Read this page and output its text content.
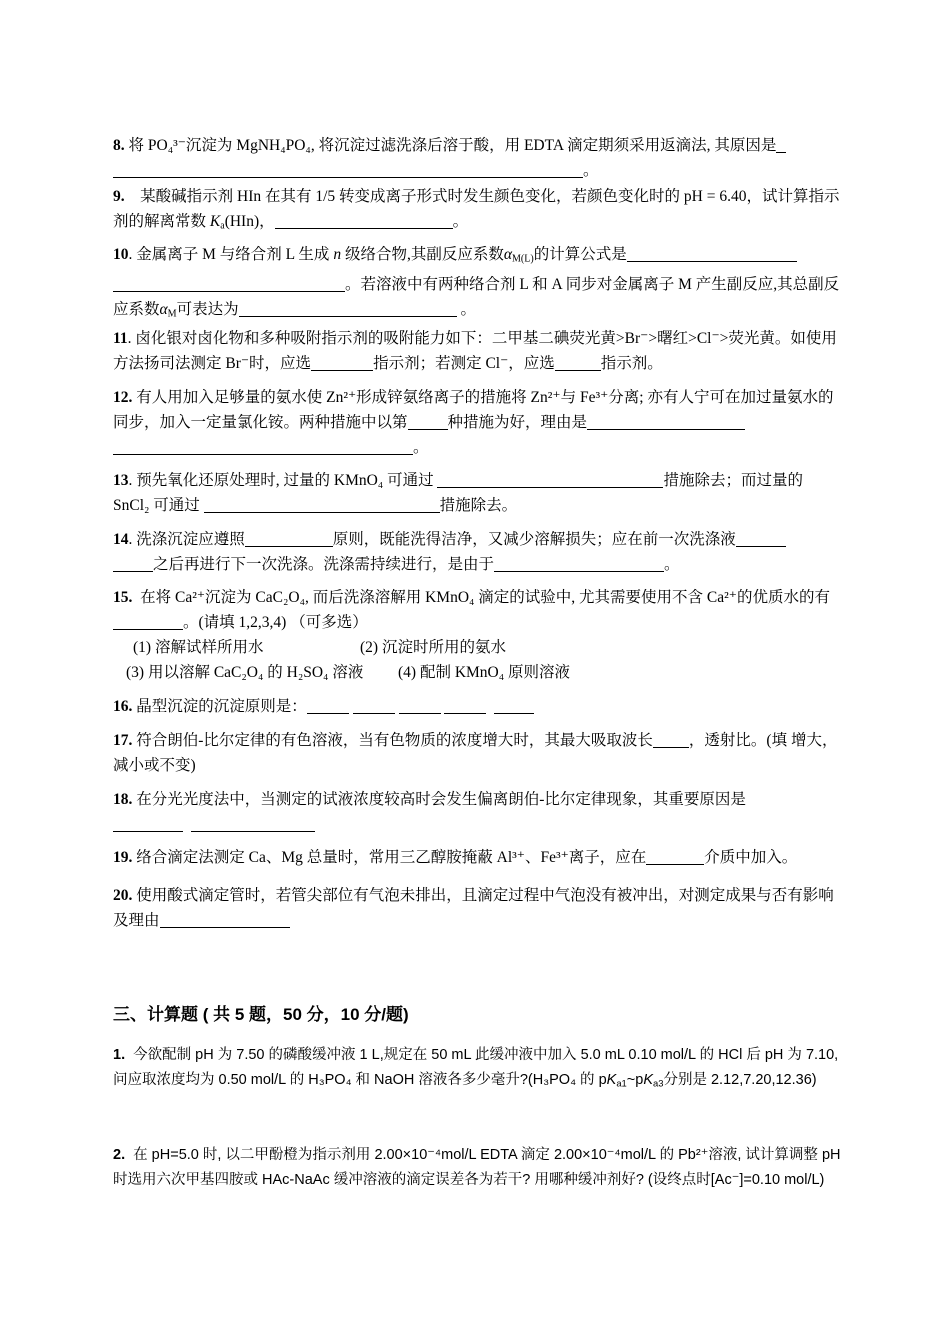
8. 将 PO₄³⁻沉淀为 MgNH₄PO₄, 将沉淀过滤洗涤后溶于酸，用 EDTA 滴定期须采用返滴法, 其原因是
。
9. 某酸碱指示剂 HIn 在其有 1/5 转变成离子形式时发生颜色变化，若颜色变化时的 pH = 6.40，试计算指示剂的解离常数 $K_a(HIn)$，	。
10. 金属离子 M 与络合剂 L 生成 n 级络合物,其副反应系数$\alpha_{M(L)}$的计算公式是
。若溶液中有两种络合剂 L 和 A 同步对金属离子 M 产生副反应,其总副反应系数$\alpha_M$可表达为	。
11. 卤化银对卤化物和多种吸附指示剂的吸附能力如下：二甲基二碘荧光黄>Br⁻>曙红>Cl⁻>荧光黄。如使用方法扬司法测定 Br⁻时，应选	指示剂；若测定 Cl⁻，应选	指示剂。
12. 有人用加入足够量的氨水使 Zn²⁺形成锌氨络离子的措施将 Zn²⁺与 Fe³⁺分离; 亦有人宁可在加过量氨水的同步，加入一定量氯化铵。两种措施中以第	种措施为好，理由是
。
13. 预先氧化还原处理时, 过量的 KMnO₄ 可通过	措施除去；而过量的 SnCl₂ 可通过	措施除去。
14. 洗涤沉淀应遵照	原则，既能洗得洁净，又减少溶解损失；应在前一次洗涤液
之后再进行下一次洗涤。洗涤需持续进行，是由于	。
15. 在将 Ca²⁺沉淀为 CaC₂O₄, 而后洗涤溶解用 KMnO₄ 滴定的试验中, 尤其需要使用不含 Ca²⁺的优质水的有。(请填 1,2,3,4) （可多选）
(1) 溶解试样所用水	(2) 沉淀时所用的氨水
(3) 用以溶解 CaC₂O₄ 的 H₂SO₄ 溶液 (4) 配制 KMnO₄ 原则溶液
16. 晶型沉淀的沉淀原则是：
17. 符合朗伯-比尔定律的有色溶液，当有色物质的浓度增大时，其最大吸取波长 ，透射比。(填 增大，减小或不变)
18. 在分光光度法中，当测定的试液浓度较高时会发生偏离朗伯-比尔定律现象，其重要原因是

19. 络合滴定法测定 Ca、Mg 总量时，常用三乙醇胺掩蔽 Al³⁺、Fe³⁺离子，应在	介质中加入。
20. 使用酸式滴定管时，若管尖部位有气泡未排出，且滴定过程中气泡没有被冲出，对测定成果与否有影响及理由
三、计算题 ( 共 5 题，50 分，10 分/题)
1. 今欲配制 pH 为 7.50 的磷酸缓冲液 1 L,规定在 50 mL 此缓冲液中加入 5.0 mL 0.10 mol/L 的 HCl 后 pH 为 7.10, 问应取浓度均为 0.50 mol/L 的 H₃PO₄ 和 NaOH 溶液各多少毫升?(H₃PO₄ 的 $pK_{a1}\sim pK_{a3}$分别是 2.12,7.20,12.36)
2. 在 pH=5.0 时, 以二甲酚橙为指示剂用 2.00×10⁻⁴mol/L EDTA 滴定 2.00×10⁻⁴mol/L 的 Pb²⁺溶液, 试计算调整 pH 时选用六次甲基四胺或 HAc-NaAc 缓冲溶液的滴定误差各为若干? 用哪种缓冲剂好? (设终点时[Ac⁻]=0.10 mol/L)
